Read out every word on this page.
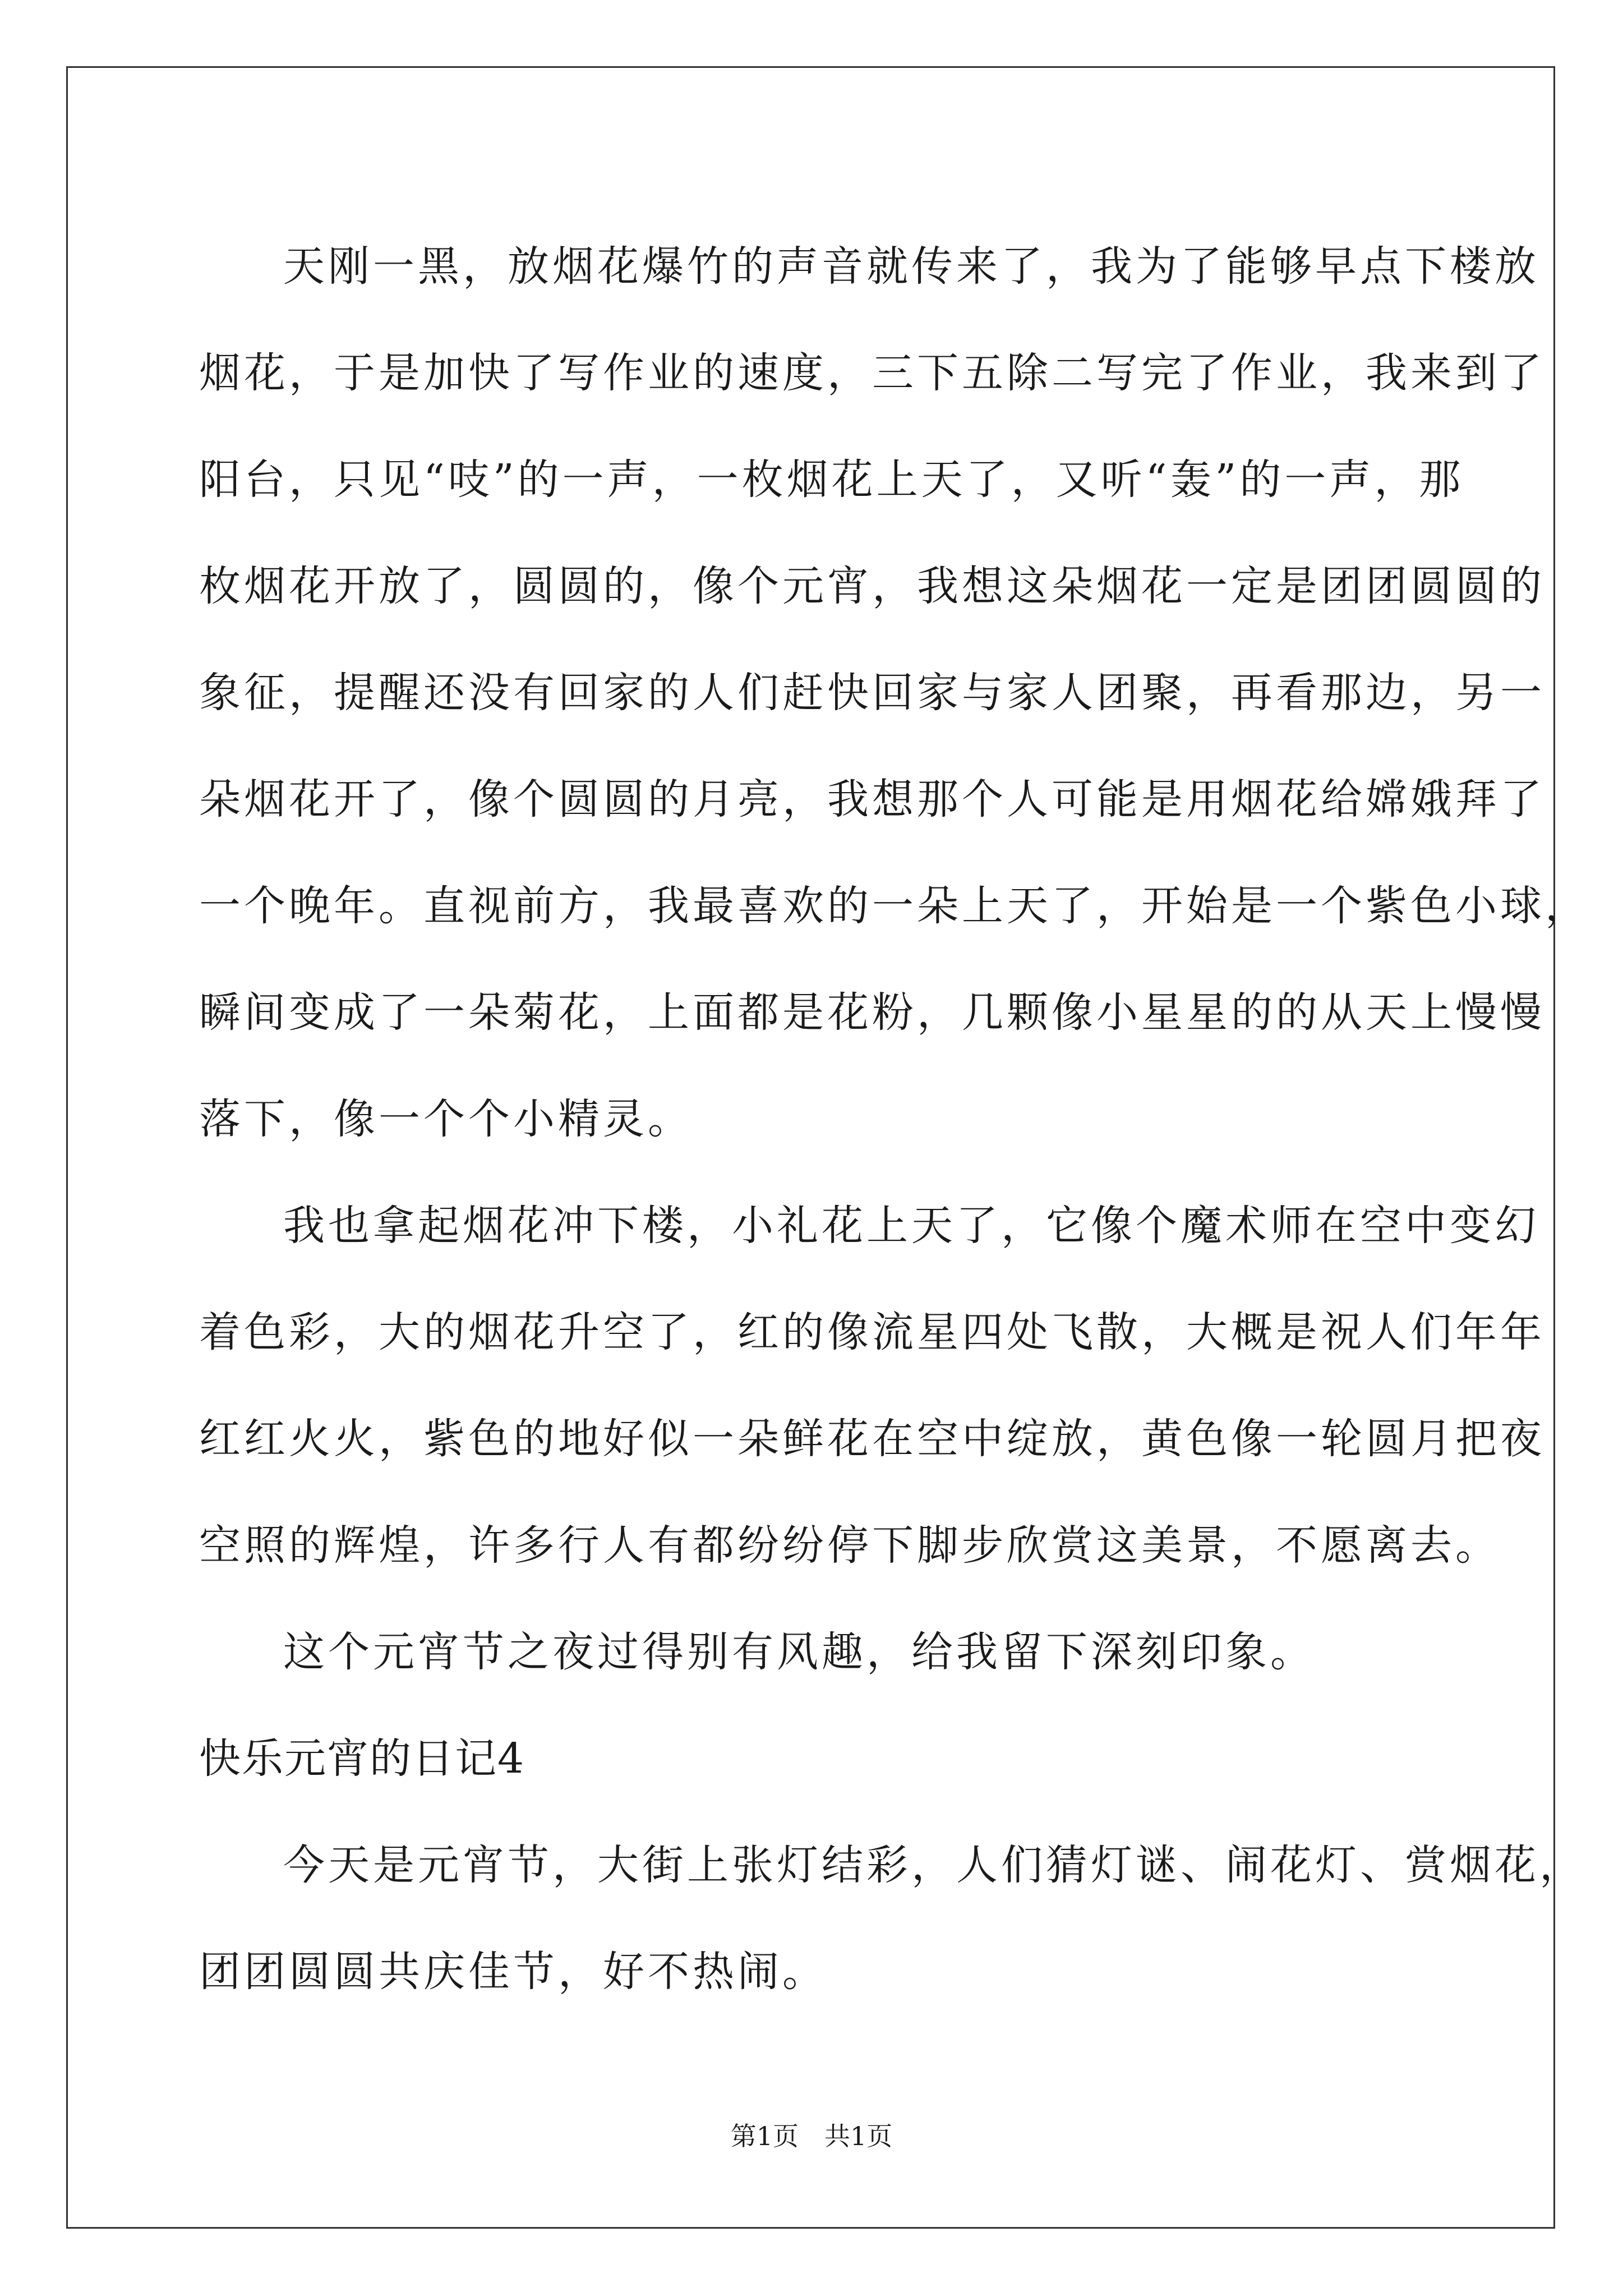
天刚一黑，放烟花爆竹的声音就传来了，我为了能够早点下楼放
烟花，于是加快了写作业的速度，三下五除二写完了作业，我来到了
阳台，只见“吱”的一声，一枚烟花上天了，又听“轰”的一声，那
枚烟花开放了，圆圆的，像个元宵，我想这朵烟花一定是团团圆圆的
象征，提醒还没有回家的人们赶快回家与家人团聚，再看那边，另一
朵烟花开了，像个圆圆的月亮，我想那个人可能是用烟花给嫦娥拜了
一个晚年。直视前方，我最喜欢的一朵上天了，开始是一个紫色小球，
瞬间变成了一朵菊花，上面都是花粉，几颗像小星星的的从天上慢慢
落下，像一个个小精灵。
我也拿起烟花冲下楼，小礼花上天了，它像个魔术师在空中变幻
着色彩，大的烟花升空了，红的像流星四处飞散，大概是祝人们年年
红红火火，紫色的地好似一朵鲜花在空中绽放，黄色像一轮圆月把夜
空照的辉煌，许多行人有都纷纷停下脚步欣赏这美景，不愿离去。
这个元宵节之夜过得别有风趣，给我留下深刻印象。
快乐元宵的日记4
今天是元宵节，大街上张灯结彩，人们猜灯谜、闹花灯、赏烟花，
团团圆圆共庆佳节，好不热闹。
第1页　共1页
